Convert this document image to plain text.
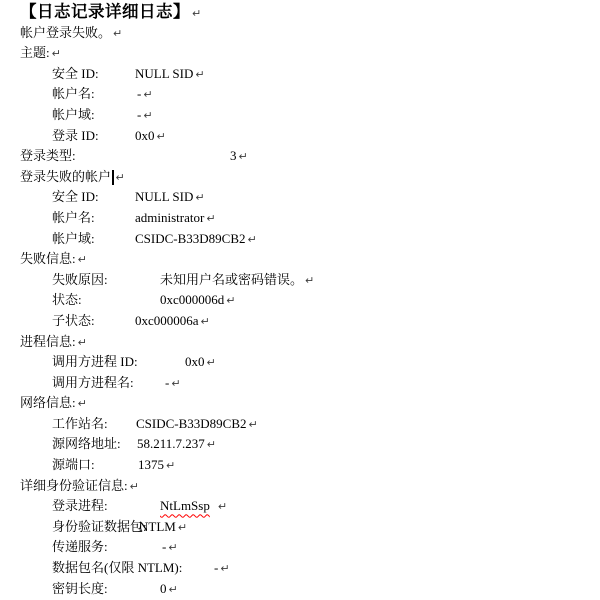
【日志记录详细日志】 ↵
帐户登录失败。 ↵
主题: ↵
安全 ID:	NULL SID ↵
帐户名:	- ↵
帐户域:	- ↵
登录 ID:	0x0 ↵
登录类型:	3 ↵
登录失败的帐户 ↵
安全 ID:	NULL SID ↵
帐户名:	administrator ↵
帐户域:	CSIDC-B33D89CB2 ↵
失败信息: ↵
失败原因:	未知用户名或密码错误。 ↵
状态:	0xc000006d ↵
子状态:	0xc000006a ↵
进程信息: ↵
调用方进程 ID:	0x0 ↵
调用方进程名: - ↵
网络信息: ↵
工作站名: CSIDC-B33D89CB2 ↵
源网络地址: 58.211.7.237 ↵
源端口:	1375 ↵
详细身份验证信息: ↵
登录进程:	NtLmSsp ↵
身份验证数据包:
NTLM ↵
传递服务:	- ↵
数据包名(仅限 NTLM): - ↵
密钥长度:	0 ↵
